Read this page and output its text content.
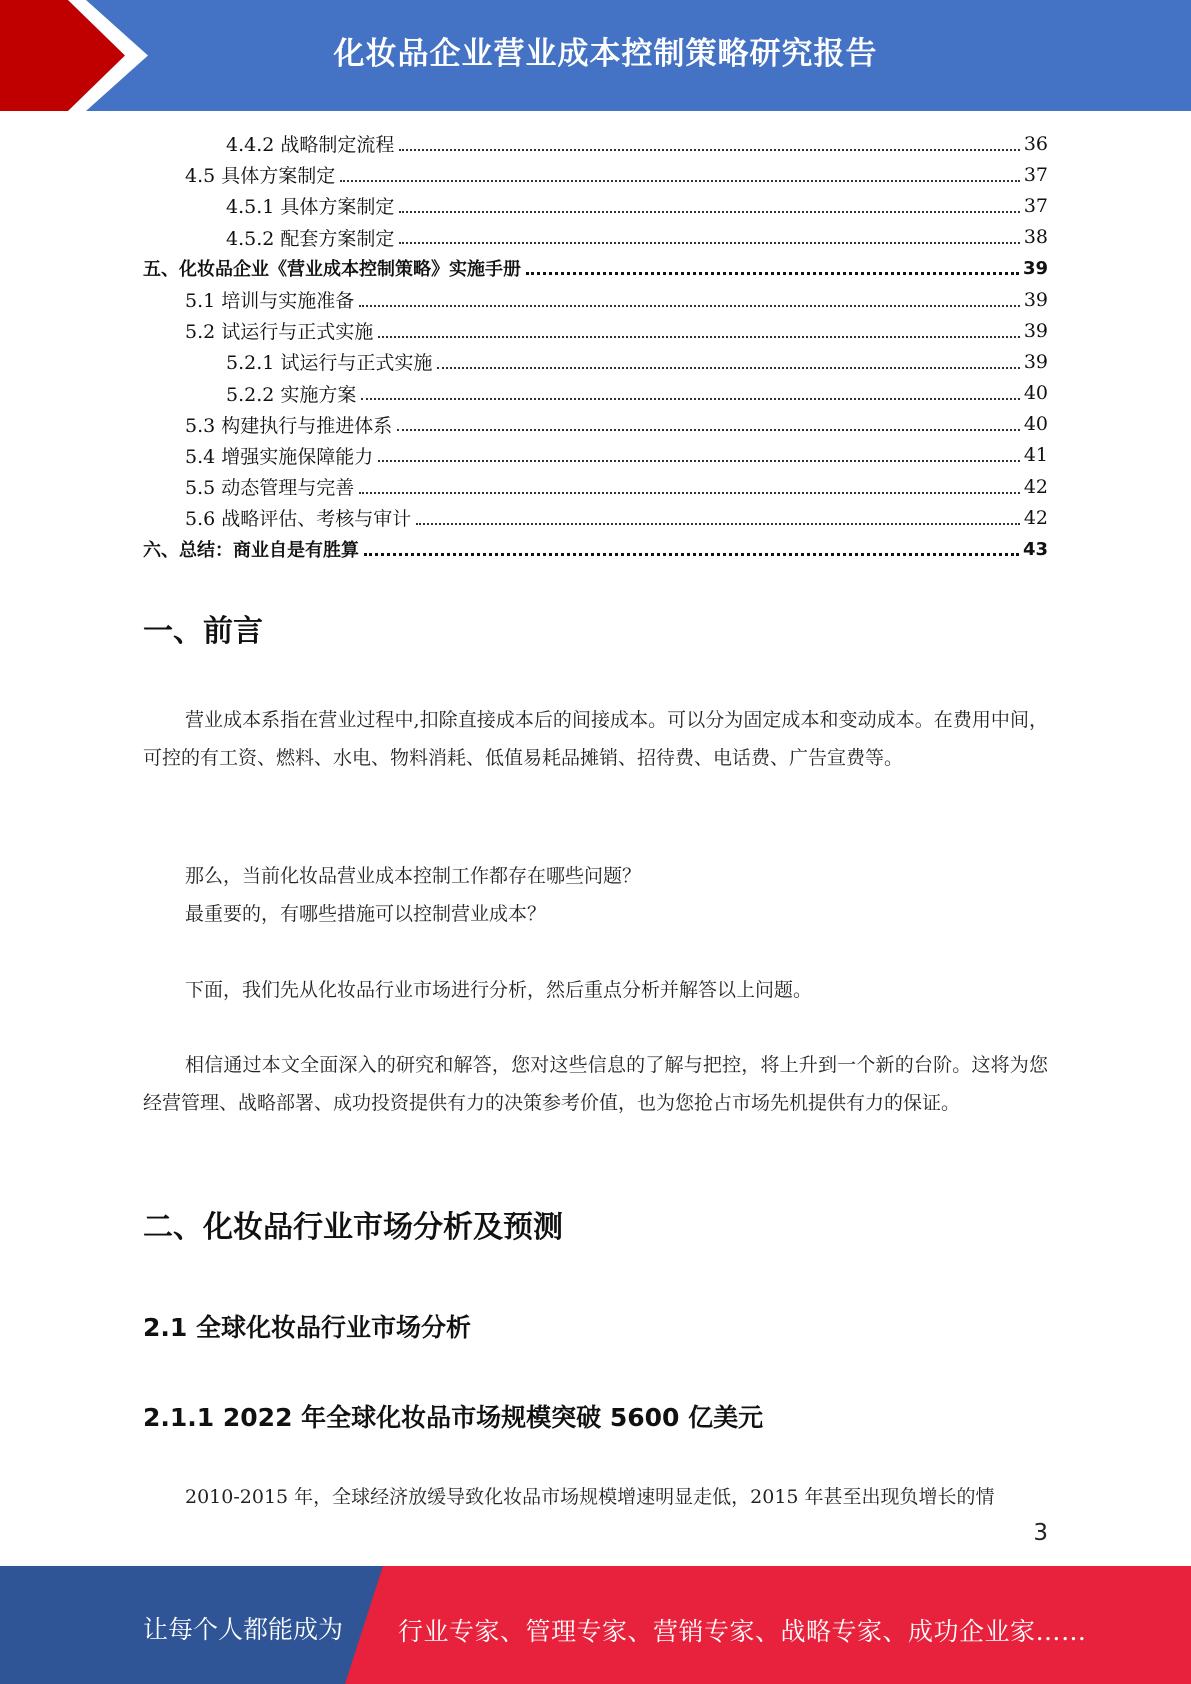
化妆品企业营业成本控制策略研究报告
4.4.2 战略制定流程	36
4.5 具体方案制定	37
4.5.1 具体方案制定	37
4.5.2 配套方案制定	38
五、化妆品企业《营业成本控制策略》实施手册	39
5.1 培训与实施准备	39
5.2 试运行与正式实施	39
5.2.1 试运行与正式实施	39
5.2.2 实施方案	40
5.3 构建执行与推进体系	40
5.4 增强实施保障能力	41
5.5 动态管理与完善	42
5.6 战略评估、考核与审计	42
六、总结：商业自是有胜算	43
一、前言
营业成本系指在营业过程中,扣除直接成本后的间接成本。可以分为固定成本和变动成本。在费用中间，可控的有工资、燃料、水电、物料消耗、低值易耗品摊销、招待费、电话费、广告宣费等。
那么，当前化妆品营业成本控制工作都存在哪些问题？
最重要的，有哪些措施可以控制营业成本？
下面，我们先从化妆品行业市场进行分析，然后重点分析并解答以上问题。
相信通过本文全面深入的研究和解答，您对这些信息的了解与把控，将上升到一个新的台阶。这将为您经营管理、战略部署、成功投资提供有力的决策参考价值，也为您抢占市场先机提供有力的保证。
二、化妆品行业市场分析及预测
2.1 全球化妆品行业市场分析
2.1.1 2022 年全球化妆品市场规模突破 5600 亿美元
2010-2015 年，全球经济放缓导致化妆品市场规模增速明显走低，2015 年甚至出现负增长的情
3
让每个人都能成为 行业专家、管理专家、营销专家、战略专家、成功企业家……
